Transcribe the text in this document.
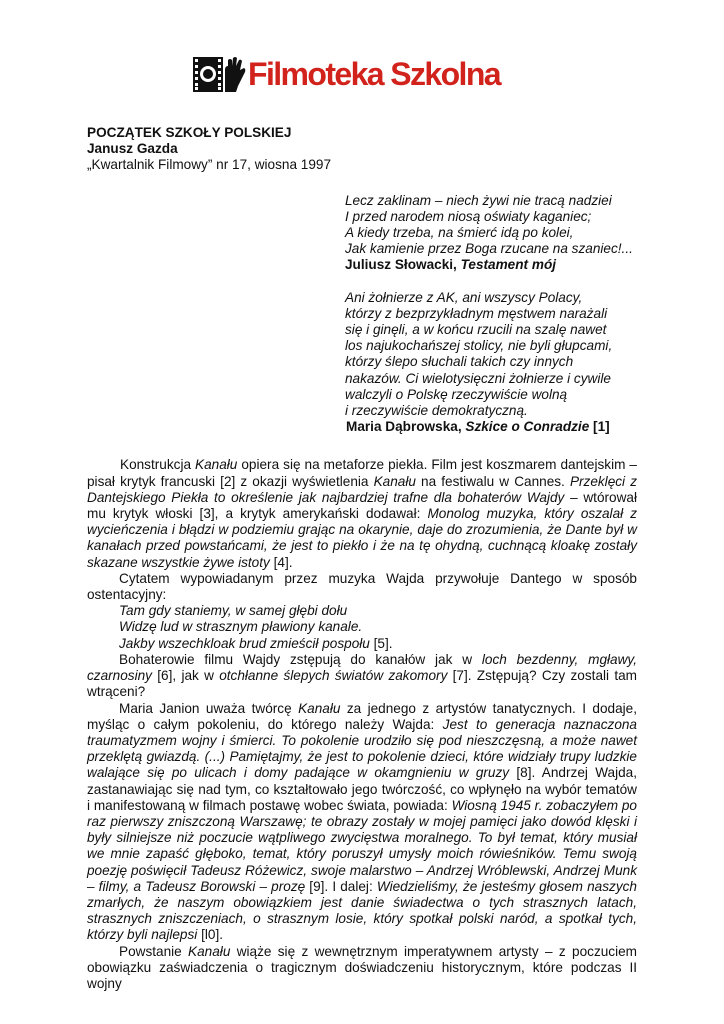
Filmoteka Szkolna
POCZĄTEK SZKOŁY POLSKIEJ
Janusz Gazda
„Kwartalnik Filmowy” nr 17, wiosna 1997
Lecz zaklinam – niech żywi nie tracą nadziei
I przed narodem niosą oświaty kaganiec;
A kiedy trzeba, na śmierć idą po kolei,
Jak kamienie przez Boga rzucane na szaniec!...
Juliusz Słowacki, Testament mój
Ani żołnierze z AK, ani wszyscy Polacy,
którzy z bezprzykładnym męstwem narażali
się i ginęli, a w końcu rzucili na szalę nawet
los najukochańszej stolicy, nie byli głupcami,
którzy ślepo słuchali takich czy innych
nakazów. Ci wielotysięczni żołnierze i cywile
walczyli o Polskę rzeczywiście wolną
i rzeczywiście demokratyczną.
Maria Dąbrowska, Szkice o Conradzie [1]

Konstrukcja Kanału opiera się na metaforze piekła. Film jest koszmarem dantejskim – pisał krytyk francuski [2] z okazji wyświetlenia Kanału na festiwalu w Cannes. Przeklęci z Dantejskiego Piekła to określenie jak najbardziej trafne dla bohaterów Wajdy – wtórował mu krytyk włoski [3], a krytyk amerykański dodawał: Monolog muzyka, który oszalał z wycieńczenia i błądzi w podziemiu grając na okarynie, daje do zrozumienia, że Dante był w kanałach przed powstańcami, że jest to piekło i że na tę ohydną, cuchnącą kloakę zostały skazane wszystkie żywe istoty [4].

Cytatem wypowiadanym przez muzyka Wajda przywołuje Dantego w sposób ostentacyjny:

Tam gdy staniemy, w samej głębi dołu
Widzę lud w strasznym pławiony kanale.
Jakby wszechkloak brud zmieścił pospołu [5].

Bohaterowie filmu Wajdy zstępują do kanałów jak w loch bezdenny, mgławy, czarnosiny [6], jak w otchłanne ślepych światów zakomory [7]. Zstępują? Czy zostali tam wtrąceni?

Maria Janion uważa twórcę Kanału za jednego z artystów tanatycznych. I dodaje, myśląc o całym pokoleniu, do którego należy Wajda: Jest to generacja naznaczona traumatyzmem wojny i śmierci. To pokolenie urodziło się pod nieszczęsną, a może nawet przeklętą gwiazdą. (...) Pamiętajmy, że jest to pokolenie dzieci, które widziały trupy ludzkie walające się po ulicach i domy padające w okamgnieniu w gruzy [8]. Andrzej Wajda, zastanawiając się nad tym, co kształtowało jego twórczość, co wpłynęło na wybór tematów i manifestowaną w filmach postawę wobec świata, powiada: Wiosną 1945 r. zobaczyłem po raz pierwszy zniszczoną Warszawę; te obrazy zostały w mojej pamięci jako dowód klęski i były silniejsze niż poczucie wątpliwego zwycięstwa moralnego. To był temat, który musiał we mnie zapaść głęboko, temat, który poruszył umysły moich rówieśników. Temu swoją poezję poświęcił Tadeusz Różewicz, swoje malarstwo – Andrzej Wróblewski, Andrzej Munk – filmy, a Tadeusz Borowski – prozę [9]. I dalej: Wiedzieliśmy, że jesteśmy głosem naszych zmarłych, że naszym obowiązkiem jest danie świadectwa o tych strasznych latach, strasznych zniszczeniach, o strasznym losie, który spotkał polski naród, a spotkał tych, którzy byli najlepsi [l0].

Powstanie Kanału wiąże się z wewnętrznym imperatywnem artysty – z poczuciem obowiązku zaświadczenia o tragicznym doświadczeniu historycznym, które podczas II wojny
